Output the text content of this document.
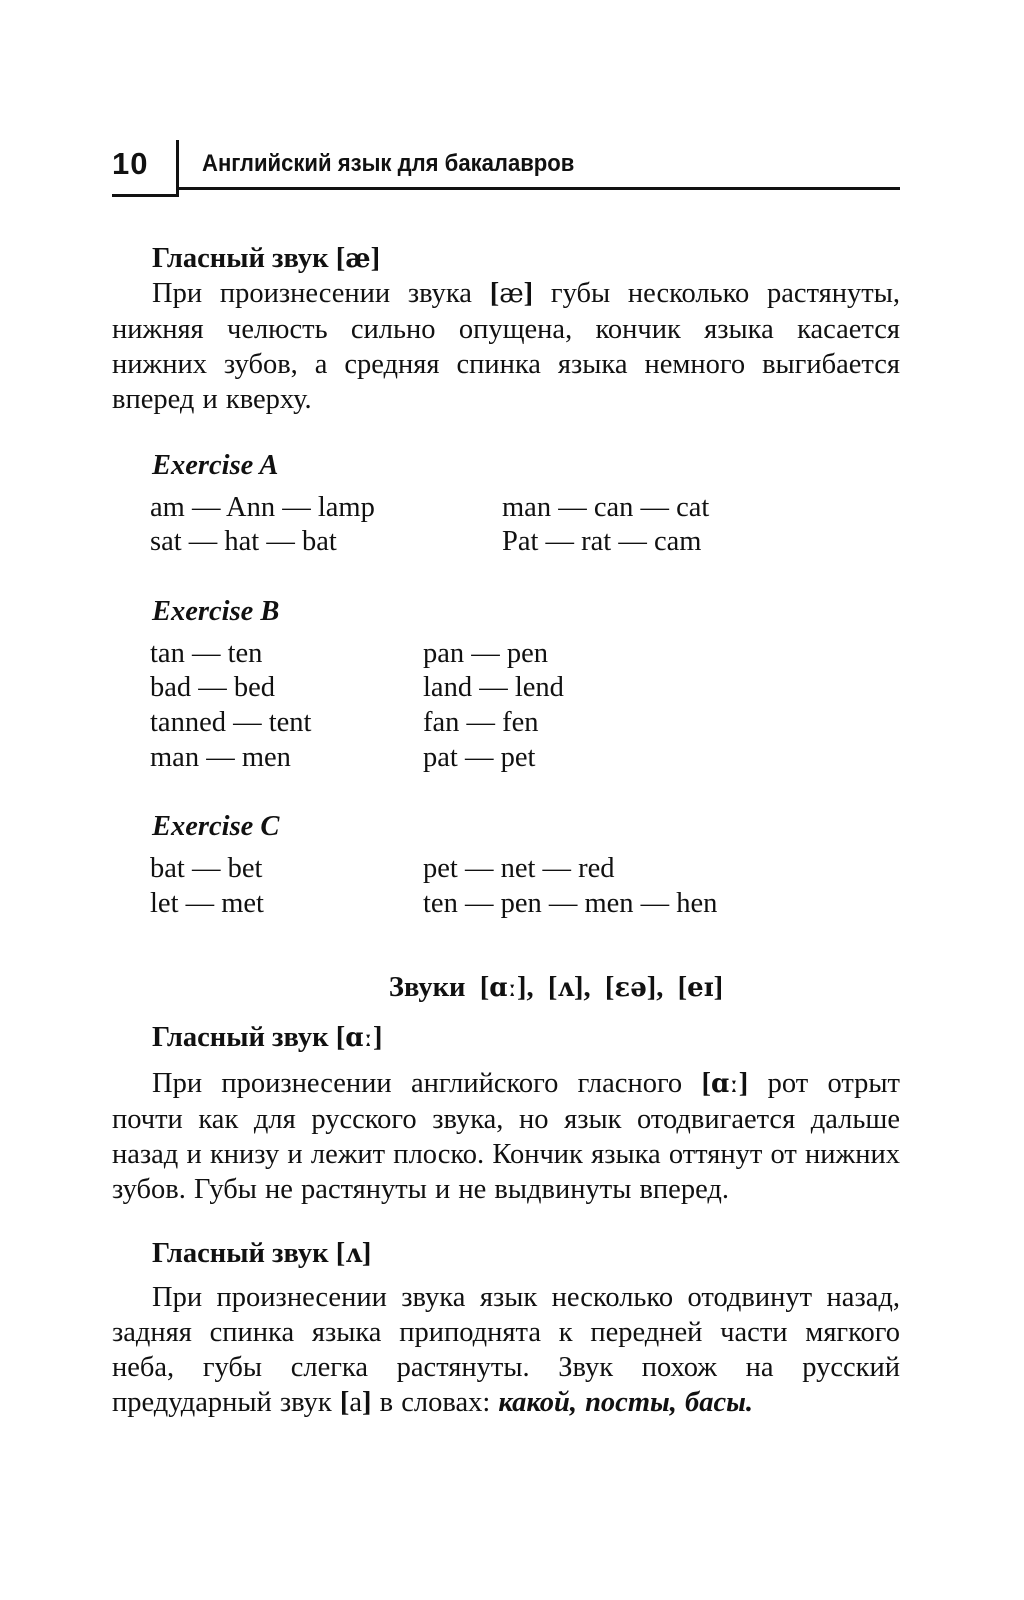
10 Английский язык для бакалавров
Гласный звук [æ]
При произнесении звука [æ] губы несколько растянуты, нижняя челюсть сильно опущена, кончик языка касается нижних зубов, а средняя спинка языка немного выгибается вперед и кверху.
Exercise A
am — Ann — lamp
sat — hat — bat
man — can — cat
Pat — rat — cam
Exercise B
tan — ten
bad — bed
tanned — tent
man — men
pan — pen
land — lend
fan — fen
pat — pet
Exercise C
bat — bet
let — met
pet — net — red
ten — pen — men — hen
Звуки [ɑː], [ʌ], [ɛə], [eɪ]
Гласный звук [ɑː]
При произнесении английского гласного [ɑː] рот отрыт почти как для русского звука, но язык отодвигается дальше назад и книзу и лежит плоско. Кончик языка оттянут от нижних зубов. Губы не растянуты и не выдвинуты вперед.
Гласный звук [ʌ]
При произнесении звука язык несколько отодвинут назад, задняя спинка языка приподнята к передней части мягкого неба, губы слегка растянуты. Звук похож на русский предударный звук [а] в словах: какой, посты, басы.
